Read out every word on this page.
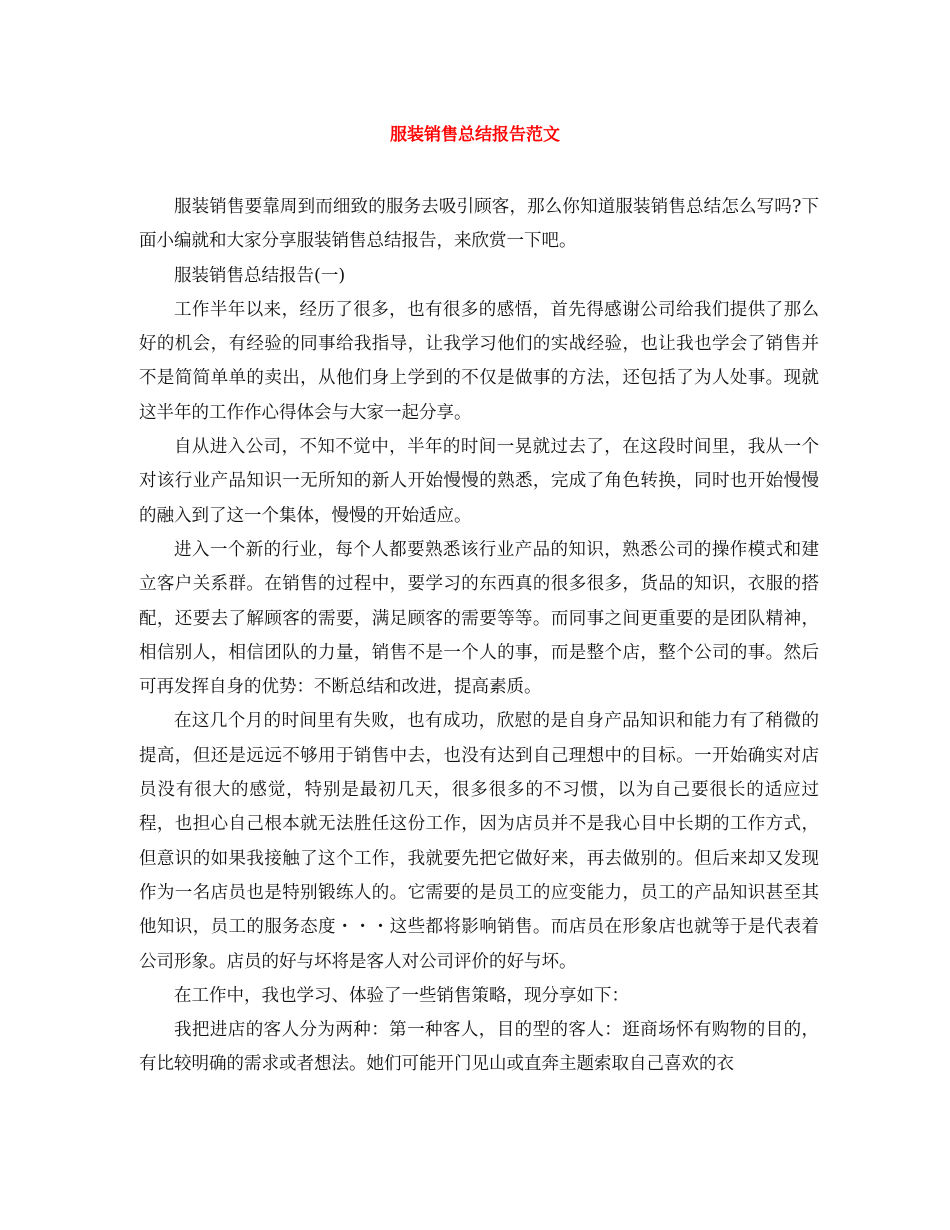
服装销售总结报告范文

服装销售要靠周到而细致的服务去吸引顾客，那么你知道服装销售总结怎么写吗?下面小编就和大家分享服装销售总结报告，来欣赏一下吧。

服装销售总结报告(一)

工作半年以来，经历了很多，也有很多的感悟，首先得感谢公司给我们提供了那么好的机会，有经验的同事给我指导，让我学习他们的实战经验，也让我也学会了销售并不是简简单单的卖出，从他们身上学到的不仅是做事的方法，还包括了为人处事。现就这半年的工作作心得体会与大家一起分享。

自从进入公司，不知不觉中，半年的时间一晃就过去了，在这段时间里，我从一个对该行业产品知识一无所知的新人开始慢慢的熟悉，完成了角色转换，同时也开始慢慢的融入到了这一个集体，慢慢的开始适应。

进入一个新的行业，每个人都要熟悉该行业产品的知识，熟悉公司的操作模式和建立客户关系群。在销售的过程中，要学习的东西真的很多很多，货品的知识，衣服的搭配，还要去了解顾客的需要，满足顾客的需要等等。而同事之间更重要的是团队精神，相信别人，相信团队的力量，销售不是一个人的事，而是整个店，整个公司的事。然后可再发挥自身的优势：不断总结和改进，提高素质。

在这几个月的时间里有失败，也有成功，欣慰的是自身产品知识和能力有了稍微的提高，但还是远远不够用于销售中去，也没有达到自己理想中的目标。一开始确实对店员没有很大的感觉，特别是最初几天，很多很多的不习惯，以为自己要很长的适应过程，也担心自己根本就无法胜任这份工作，因为店员并不是我心目中长期的工作方式，但意识的如果我接触了这个工作，我就要先把它做好来，再去做别的。但后来却又发现作为一名店员也是特别锻练人的。它需要的是员工的应变能力，员工的产品知识甚至其他知识，员工的服务态度・・・这些都将影响销售。而店员在形象店也就等于是代表着公司形象。店员的好与坏将是客人对公司评价的好与坏。

在工作中，我也学习、体验了一些销售策略，现分享如下：

我把进店的客人分为两种：第一种客人，目的型的客人：逛商场怀有购物的目的，有比较明确的需求或者想法。她们可能开门见山或直奔主题索取自己喜欢的衣
